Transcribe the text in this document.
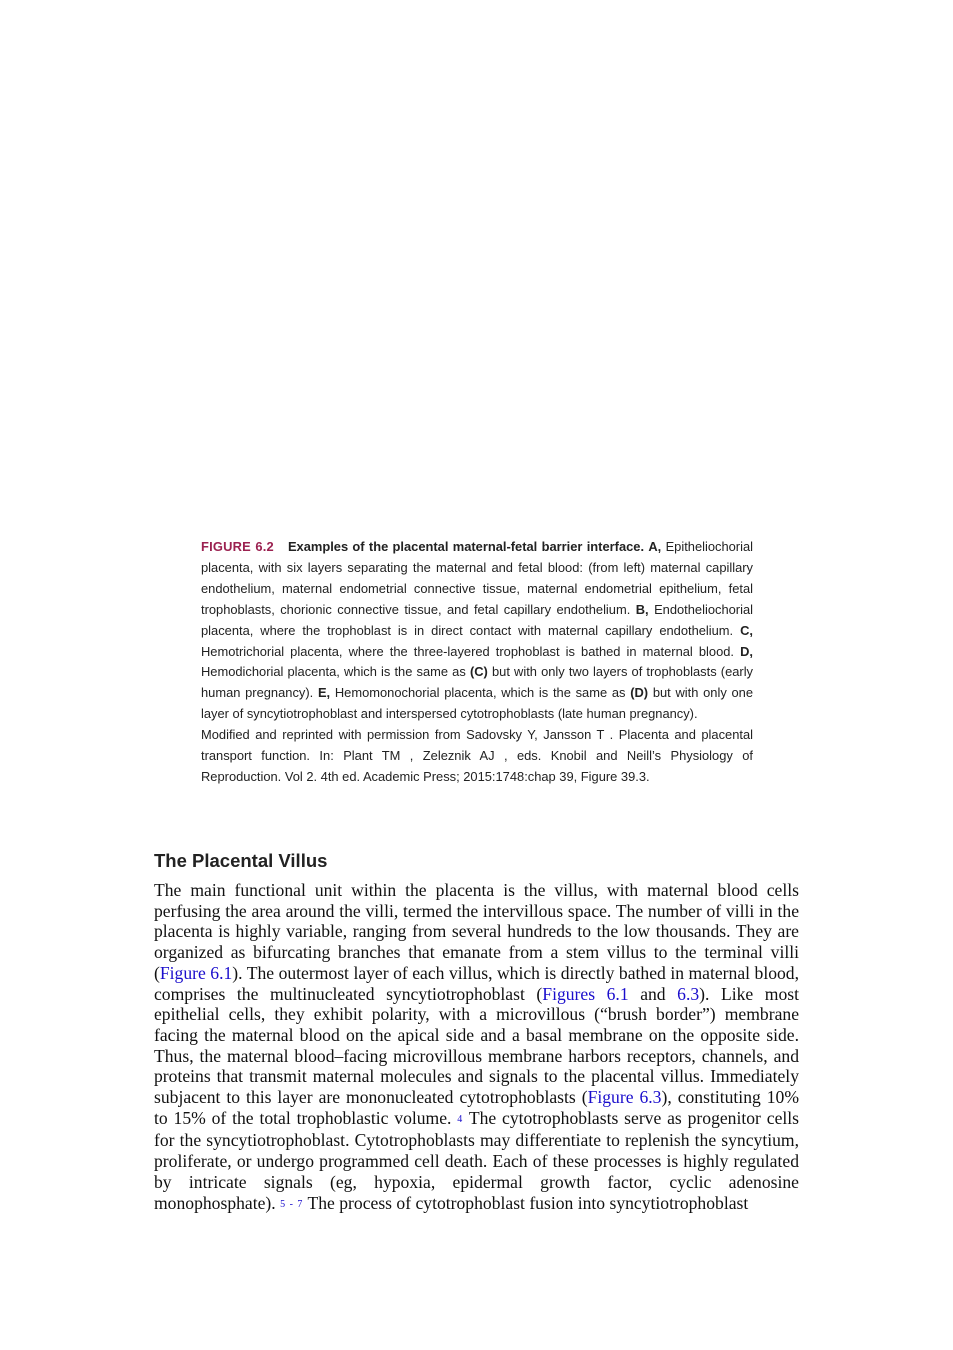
FIGURE 6.2 Examples of the placental maternal-fetal barrier interface. A, Epitheliochorial placenta, with six layers separating the maternal and fetal blood: (from left) maternal capillary endothelium, maternal endometrial connective tissue, maternal endometrial epithelium, fetal trophoblasts, chorionic connective tissue, and fetal capillary endothelium. B, Endotheliochorial placenta, where the trophoblast is in direct contact with maternal capillary endothelium. C, Hemotrichorial placenta, where the three-layered trophoblast is bathed in maternal blood. D, Hemodichorial placenta, which is the same as (C) but with only two layers of trophoblasts (early human pregnancy). E, Hemomonochorial placenta, which is the same as (D) but with only one layer of syncytiotrophoblast and interspersed cytotrophoblasts (late human pregnancy).

Modified and reprinted with permission from Sadovsky Y, Jansson T . Placenta and placental transport function. In: Plant TM , Zeleznik AJ , eds. Knobil and Neill’s Physiology of Reproduction. Vol 2. 4th ed. Academic Press; 2015:1748:chap 39, Figure 39.3.

The Placental Villus

The main functional unit within the placenta is the villus, with maternal blood cells perfusing the area around the villi, termed the intervillous space. The number of villi in the placenta is highly variable, ranging from several hundreds to the low thousands. They are organized as bifurcating branches that emanate from a stem villus to the terminal villi (Figure 6.1). The outermost layer of each villus, which is directly bathed in maternal blood, comprises the multinucleated syncytiotrophoblast (Figures 6.1 and 6.3). Like most epithelial cells, they exhibit polarity, with a microvillous (“brush border”) membrane facing the maternal blood on the apical side and a basal membrane on the opposite side. Thus, the maternal blood–facing microvillous membrane harbors receptors, channels, and proteins that transmit maternal molecules and signals to the placental villus. Immediately subjacent to this layer are mononucleated cytotrophoblasts (Figure 6.3), constituting 10% to 15% of the total trophoblastic volume. 4 The cytotrophoblasts serve as progenitor cells for the syncytiotrophoblast. Cytotrophoblasts may differentiate to replenish the syncytium, proliferate, or undergo programmed cell death. Each of these processes is highly regulated by intricate signals (eg, hypoxia, epidermal growth factor, cyclic adenosine monophosphate). 5 - 7 The process of cytotrophoblast fusion into syncytiotrophoblast
